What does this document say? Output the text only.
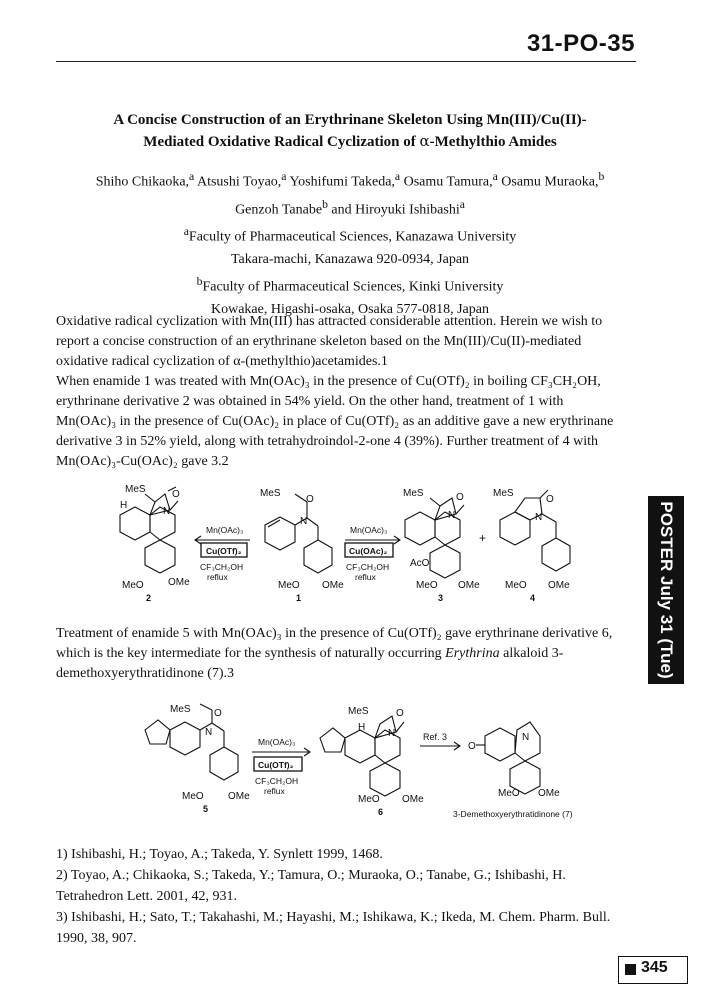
31-PO-35
A Concise Construction of an Erythrinane Skeleton Using Mn(III)/Cu(II)-
Mediated Oxidative Radical Cyclization of α-Methylthio Amides
Shiho Chikaoka,$^a$ Atsushi Toyao,$^a$ Yoshifumi Takeda,$^a$ Osamu Tamura,$^a$ Osamu Muraoka,$^b$
Genzoh Tanabe$^b$ and Hiroyuki Ishibashi$^a$
$^a$Faculty of Pharmaceutical Sciences, Kanazawa University
Takara-machi, Kanazawa 920-0934, Japan
$^b$Faculty of Pharmaceutical Sciences, Kinki University
Kowakae, Higashi-osaka, Osaka 577-0818, Japan
Oxidative radical cyclization with Mn(III) has attracted considerable attention. Herein we wish to
report a concise construction of an erythrinane skeleton based on the Mn(III)/Cu(II)-mediated
oxidative radical cyclization of α-(methylthio)acetamides.1
When enamide 1 was treated with Mn(OAc)₃ in the presence of Cu(OTf)₂ in boiling CF₃CH₂OH,
erythrinane derivative 2 was obtained in 54% yield. On the other hand, treatment of 1 with
Mn(OAc)₃ in the presence of Cu(OAc)₂ in place of Cu(OTf)₂ as an additive gave a new erythrinane
derivative 3 in 52% yield, along with tetrahydroindol-2-one 4 (39%). Further treatment of 4 with
Mn(OAc)₃-Cu(OAc)₂ gave 3.2
MeS	O
H
N
MeO OMe
2
Mn(OAc)₃
Cu(OTf)₂
CF₃CH₂OH
reflux
MeS
O
N
MeO OMe
1
Mn(OAc)₃
Cu(OAc)₂
CF₃CH₂OH
reflux
MeS	O
N
AcO
MeO OMe
3
+
MeS
O
N
MeO OMe
4
Treatment of enamide 5 with Mn(OAc)₃ in the presence of Cu(OTf)₂ gave erythrinane derivative 6,
which is the key intermediate for the synthesis of naturally occurring Erythrina alkaloid 3-
demethoxyerythratidinone (7).3
MeS O
N
MeO OMe
5
Mn(OAc)₃
Cu(OTf)₂
CF₃CH₂OH
reflux
MeS	O
H
N
MeO OMe
6
Ref. 3
O
N
MeO OMe
3-Demethoxyerythratidinone (7)
1) Ishibashi, H.; Toyao, A.; Takeda, Y. Synlett 1999, 1468.
2) Toyao, A.; Chikaoka, S.; Takeda, Y.; Tamura, O.; Muraoka, O.; Tanabe, G.; Ishibashi, H.
Tetrahedron Lett. 2001, 42, 931.
3) Ishibashi, H.; Sato, T.; Takahashi, M.; Hayashi, M.; Ishikawa, K.; Ikeda, M. Chem. Pharm. Bull.
1990, 38, 907.
POSTER July 31 (Tue)
345
